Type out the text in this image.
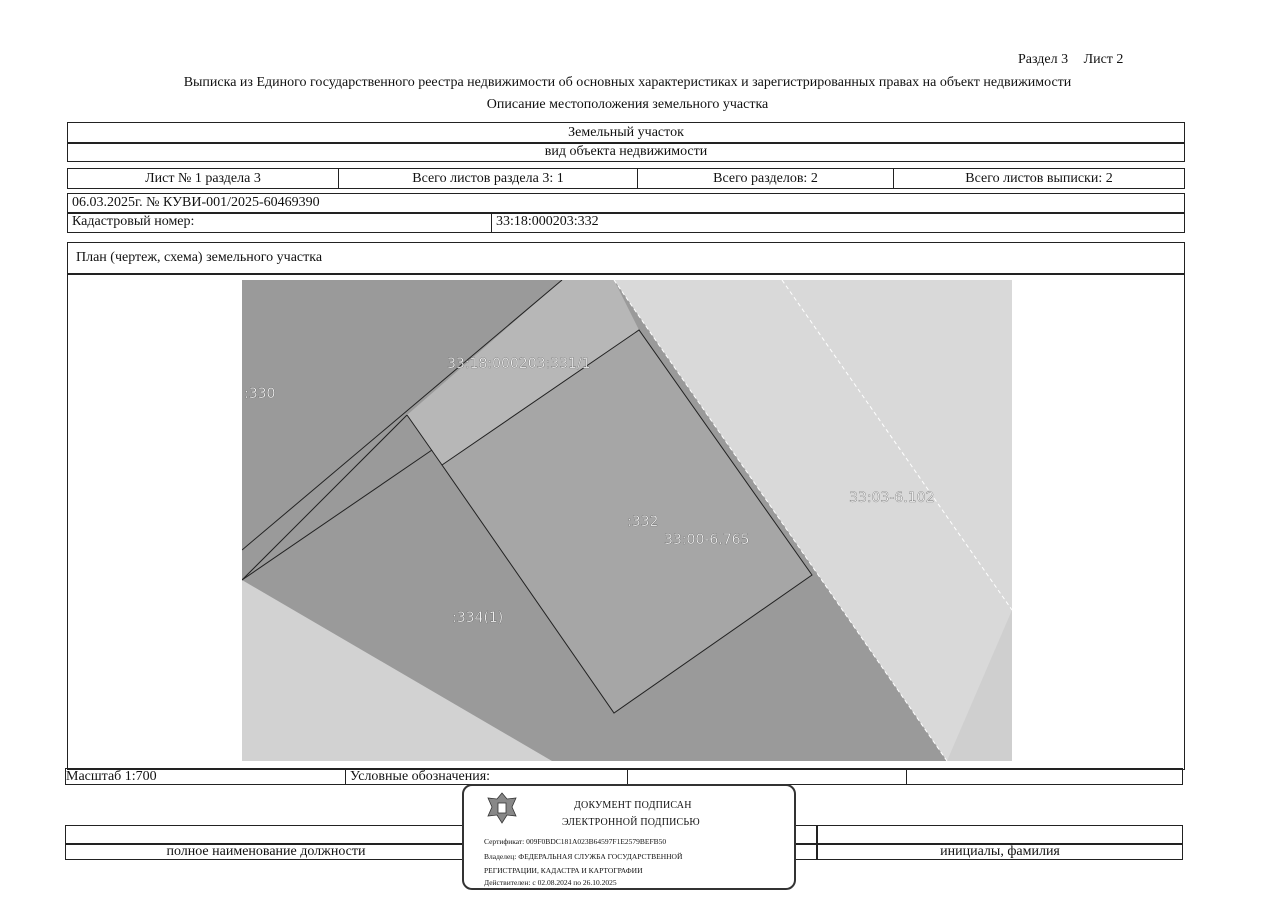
Раздел 3 Лист 2
Выписка из Единого государственного реестра недвижимости об основных характеристиках и зарегистрированных правах на объект недвижимости
Описание местоположения земельного участка
Земельный участок
вид объекта недвижимости
Лист № 1 раздела 3	Всего листов раздела 3: 1	Всего разделов: 2	Всего листов выписки: 2
06.03.2025г. № КУВИ-001/2025-60469390
Кадастровый номер:	33:18:000203:332
План (чертеж, схема) земельного участка
33:18:000203:331/1
:330
:332
33:00-6.765
33:03-6.102
:334(1)
Масштаб 1:700	Условные обозначения:
полное наименование должности	инициалы, фамилия
ДОКУМЕНТ ПОДПИСАН
ЭЛЕКТРОННОЙ ПОДПИСЬЮ
Сертификат: 009F0BDC181A023B64597F1E2579BEFB50
Владелец: ФЕДЕРАЛЬНАЯ СЛУЖБА ГОСУДАРСТВЕННОЙ
РЕГИСТРАЦИИ, КАДАСТРА И КАРТОГРАФИИ
Действителен: с 02.08.2024 по 26.10.2025
